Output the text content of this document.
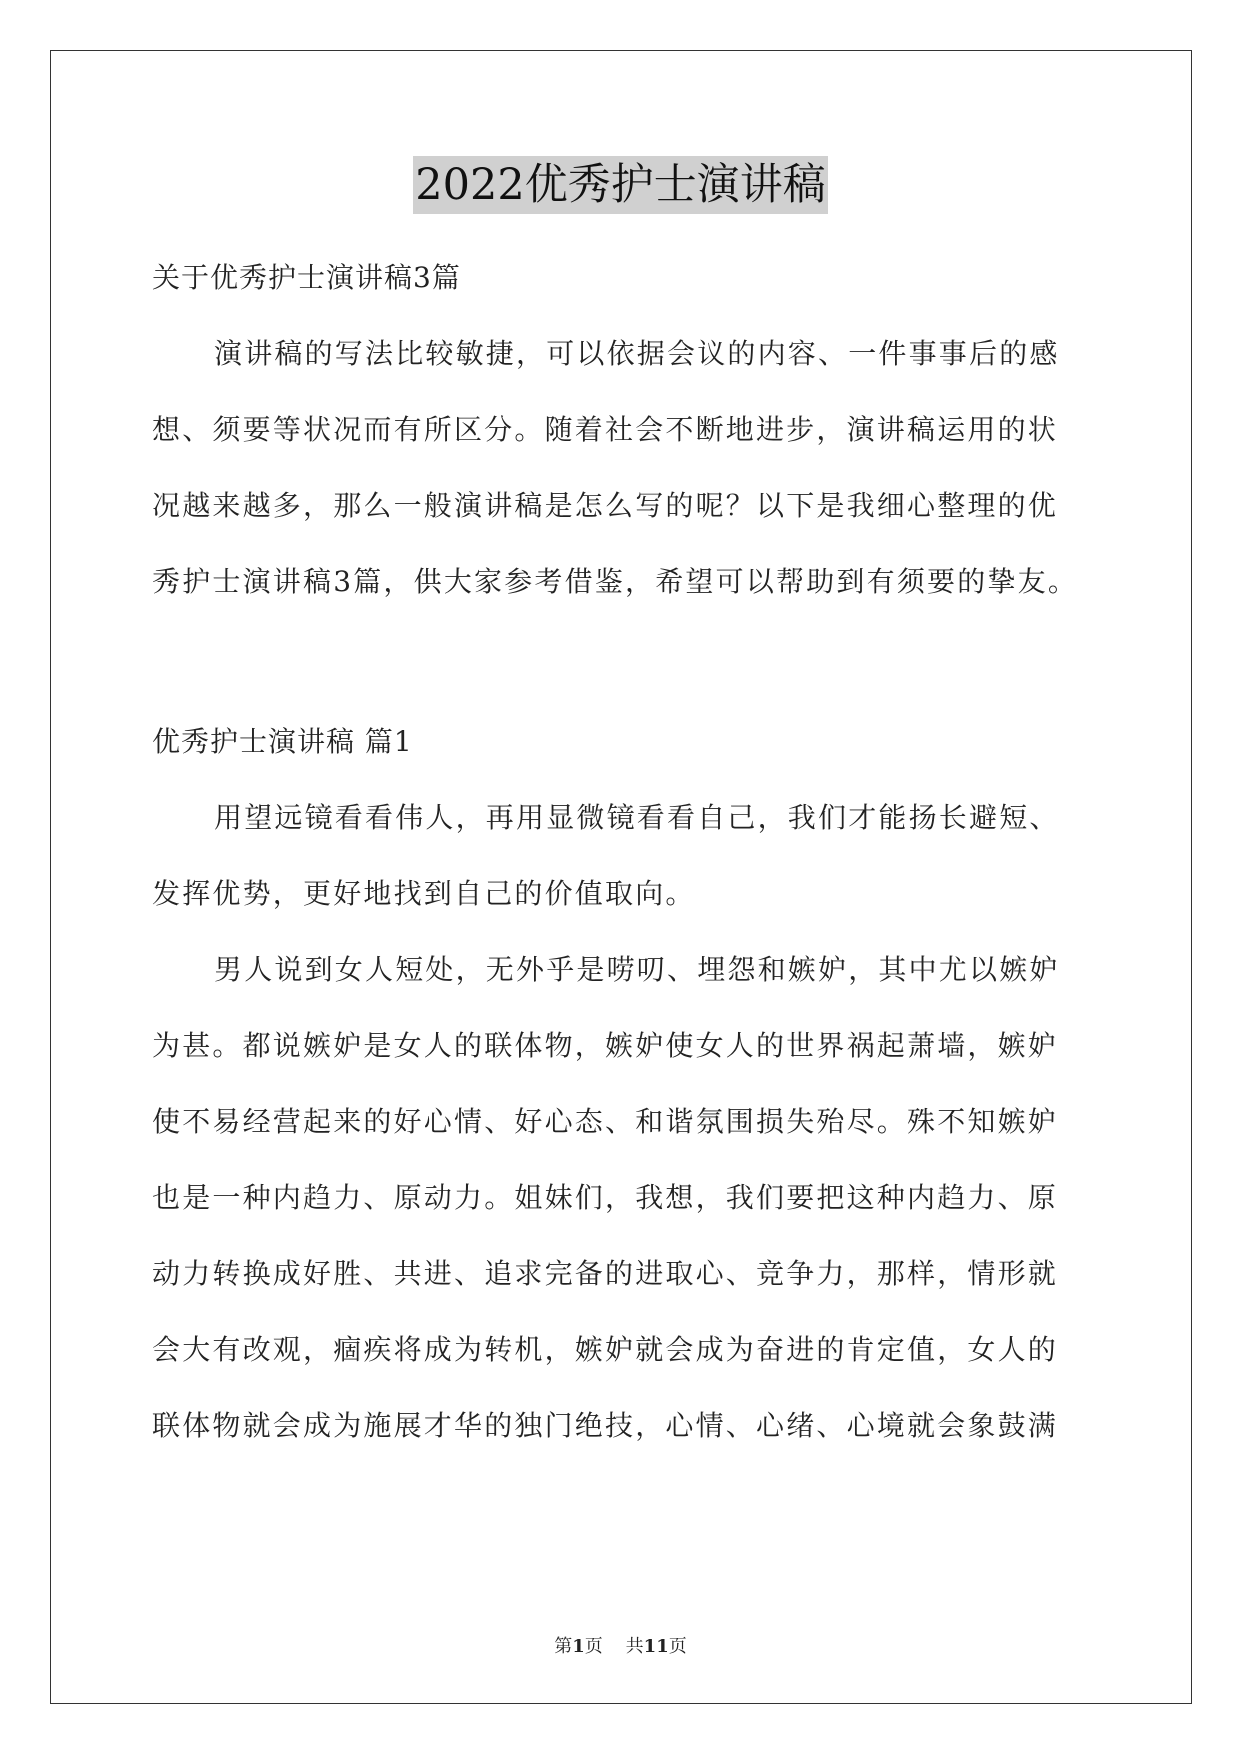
2022优秀护士演讲稿
关于优秀护士演讲稿3篇
演讲稿的写法比较敏捷，可以依据会议的内容、一件事事后的感
想、须要等状况而有所区分。随着社会不断地进步，演讲稿运用的状
况越来越多，那么一般演讲稿是怎么写的呢？以下是我细心整理的优
秀护士演讲稿3篇，供大家参考借鉴，希望可以帮助到有须要的挚友。
优秀护士演讲稿 篇1
用望远镜看看伟人，再用显微镜看看自己，我们才能扬长避短、
发挥优势，更好地找到自己的价值取向。
男人说到女人短处，无外乎是唠叨、埋怨和嫉妒，其中尤以嫉妒
为甚。都说嫉妒是女人的联体物，嫉妒使女人的世界祸起萧墙，嫉妒
使不易经营起来的好心情、好心态、和谐氛围损失殆尽。殊不知嫉妒
也是一种内趋力、原动力。姐妹们，我想，我们要把这种内趋力、原
动力转换成好胜、共进、追求完备的进取心、竞争力，那样，情形就
会大有改观，痼疾将成为转机，嫉妒就会成为奋进的肯定值，女人的
联体物就会成为施展才华的独门绝技，心情、心绪、心境就会象鼓满
第1页    共11页
